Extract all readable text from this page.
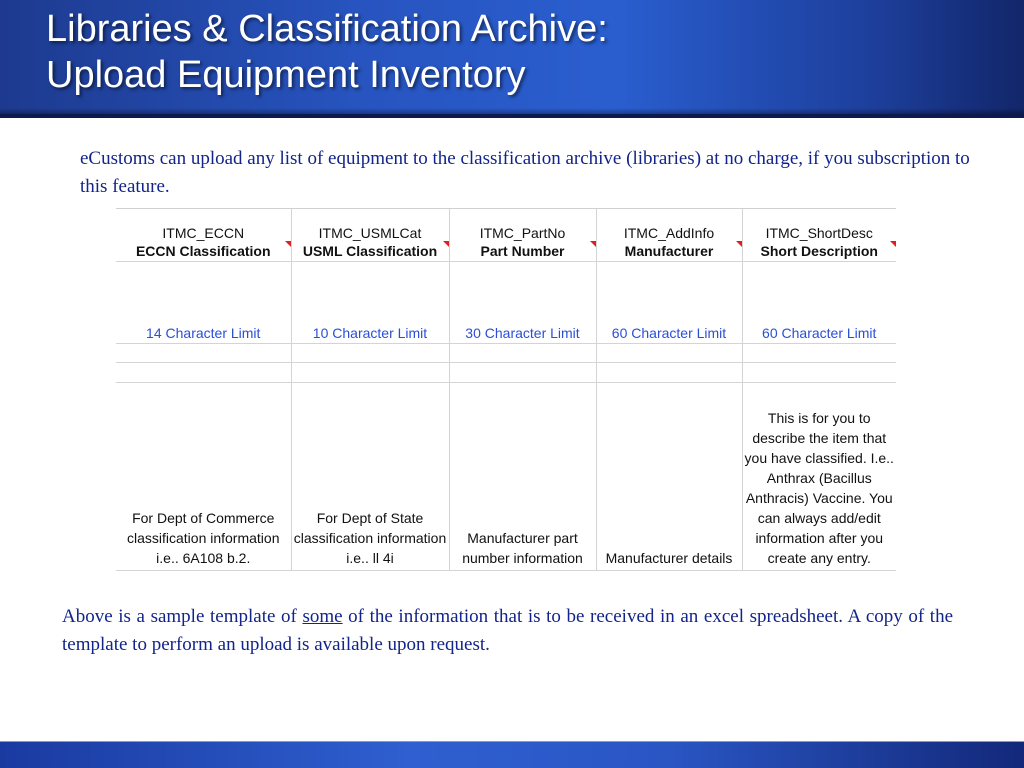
Libraries & Classification Archive:
Upload Equipment Inventory

eCustoms can upload any list of equipment to the classification archive (libraries) at no charge, if you subscription to this feature.

ITMC_ECCN	ITMC_USMLCat	ITMC_PartNo	ITMC_AddInfo	ITMC_ShortDesc
ECCN Classification	USML Classification	Part Number	Manufacturer	Short Description

14 Character Limit	10 Character Limit	30 Character Limit	60 Character Limit	60 Character Limit

For Dept of Commerce classification information i.e.. 6A108 b.2.	For Dept of State classification information i.e.. ll 4i	Manufacturer part number information	Manufacturer details	This is for you to describe the item that you have classified. I.e.. Anthrax (Bacillus Anthracis) Vaccine. You can always add/edit information after you create any entry.

Above is a sample template of some of the information that is to be received in an excel spreadsheet. A copy of the template to perform an upload is available upon request.
